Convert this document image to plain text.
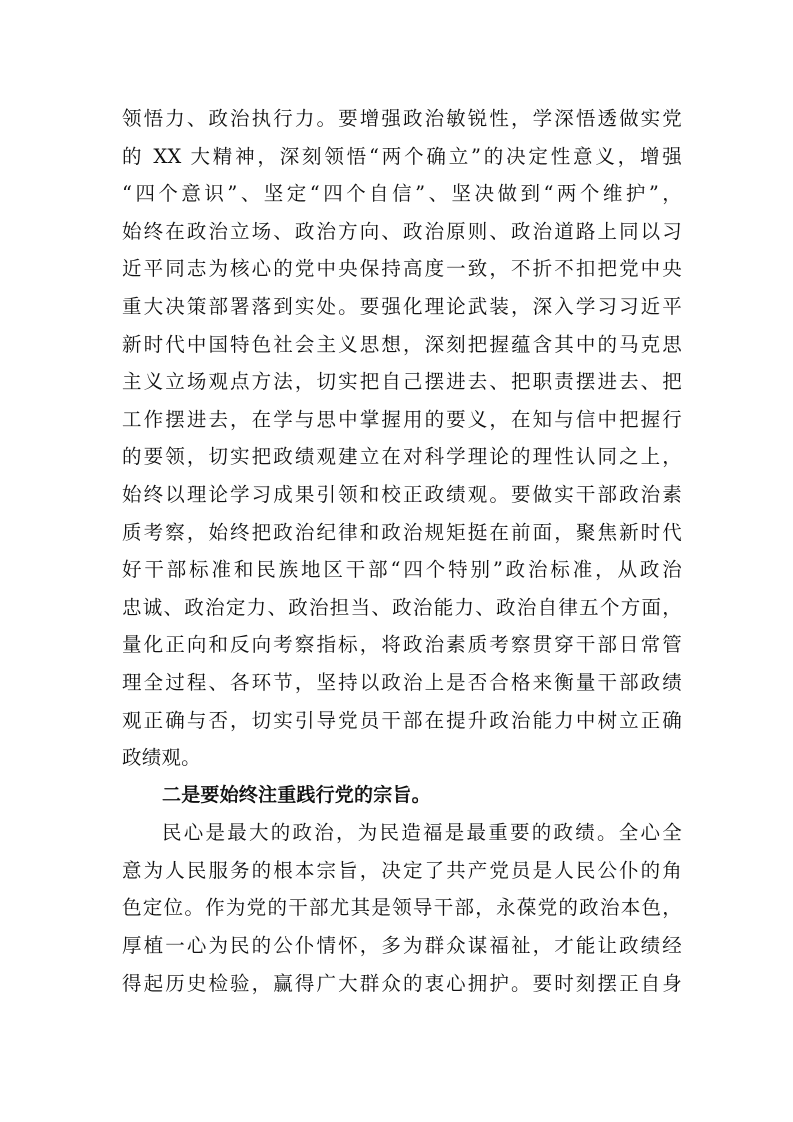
领悟力、政治执行力。要增强政治敏锐性，学深悟透做实党
的 XX 大精神，深刻领悟“两个确立”的决定性意义，增强
“四个意识”、坚定“四个自信”、坚决做到“两个维护”，
始终在政治立场、政治方向、政治原则、政治道路上同以习
近平同志为核心的党中央保持高度一致，不折不扣把党中央
重大决策部署落到实处。要强化理论武装，深入学习习近平
新时代中国特色社会主义思想，深刻把握蕴含其中的马克思
主义立场观点方法，切实把自己摆进去、把职责摆进去、把
工作摆进去，在学与思中掌握用的要义，在知与信中把握行
的要领，切实把政绩观建立在对科学理论的理性认同之上，
始终以理论学习成果引领和校正政绩观。要做实干部政治素
质考察，始终把政治纪律和政治规矩挺在前面，聚焦新时代
好干部标准和民族地区干部“四个特别”政治标准，从政治
忠诚、政治定力、政治担当、政治能力、政治自律五个方面，
量化正向和反向考察指标，将政治素质考察贯穿干部日常管
理全过程、各环节，坚持以政治上是否合格来衡量干部政绩
观正确与否，切实引导党员干部在提升政治能力中树立正确
政绩观。
二是要始终注重践行党的宗旨。
民心是最大的政治，为民造福是最重要的政绩。全心全
意为人民服务的根本宗旨，决定了共产党员是人民公仆的角
色定位。作为党的干部尤其是领导干部，永葆党的政治本色，
厚植一心为民的公仆情怀，多为群众谋福祉，才能让政绩经
得起历史检验，赢得广大群众的衷心拥护。要时刻摆正自身
